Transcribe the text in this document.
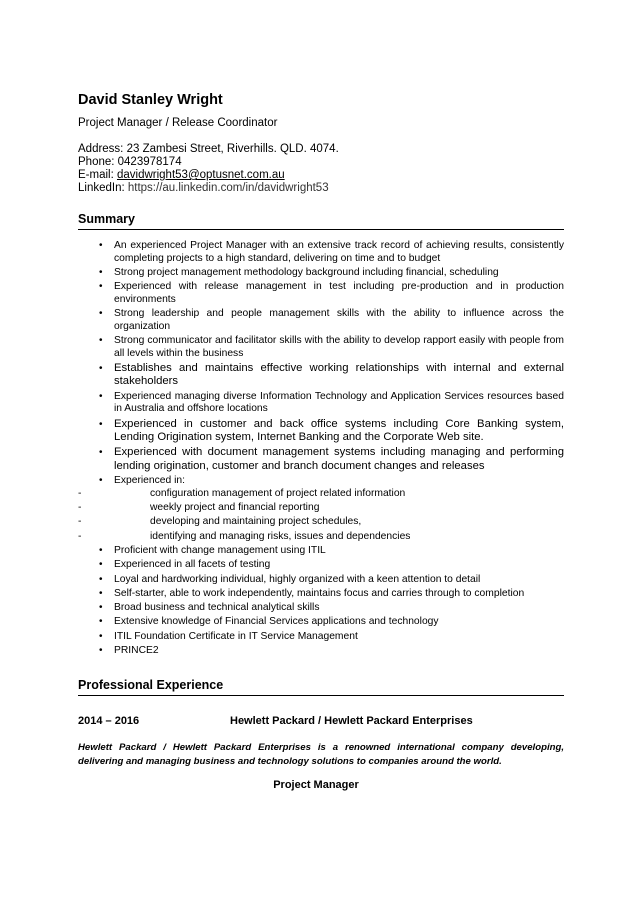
David Stanley Wright
Project Manager / Release Coordinator
Address: 23 Zambesi Street, Riverhills. QLD. 4074.
Phone: 0423978174
E-mail: davidwright53@optusnet.com.au
LinkedIn: https://au.linkedin.com/in/davidwright53
Summary
• An experienced Project Manager with an extensive track record of achieving results, consistently completing projects to a high standard, delivering on time and to budget
• Strong project management methodology background including financial, scheduling
• Experienced with release management in test including pre-production and in production environments
• Strong leadership and people management skills with the ability to influence across the organization
• Strong communicator and facilitator skills with the ability to develop rapport easily with people from all levels within the business
• Establishes and maintains effective working relationships with internal and external stakeholders
• Experienced managing diverse Information Technology and Application Services resources based in Australia and offshore locations
• Experienced in customer and back office systems including Core Banking system, Lending Origination system, Internet Banking and the Corporate Web site.
• Experienced with document management systems including managing and performing lending origination, customer and branch document changes and releases
• Experienced in:
-	configuration management of project related information
-	weekly project and financial reporting
-	developing and maintaining project schedules,
-	identifying and managing risks, issues and dependencies
• Proficient with change management using ITIL
• Experienced in all facets of testing
• Loyal and hardworking individual, highly organized with a keen attention to detail
• Self-starter, able to work independently, maintains focus and carries through to completion
• Broad business and technical analytical skills
• Extensive knowledge of Financial Services applications and technology
• ITIL Foundation Certificate in IT Service Management
• PRINCE2
Professional Experience
2014 – 2016	Hewlett Packard / Hewlett Packard Enterprises
Hewlett Packard / Hewlett Packard Enterprises is a renowned international company developing, delivering and managing business and technology solutions to companies around the world.
Project Manager
